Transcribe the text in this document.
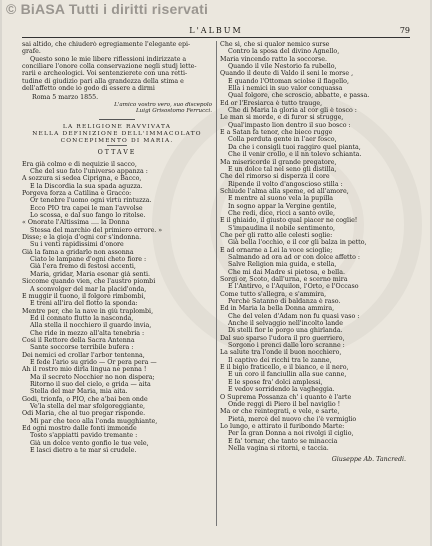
© BiASA Tutti i diritti riservati
L'ALBUM	79

sai altido, che chiuderò egregiamente l'elegante epi-

grafe.

Questo sono le mie libere riflessioni indirizzate a

conciliare l'onore colla conservazione negli studj lette-

rarii e archeologici. Voi sentenzierete con una retti-

tudine di giudizio pari alla grandezza della stima e

dell'affetto onde io godo di essere a dirmi

Roma 5 marzo 1855.

L'amico vostro vero, suo discepolo

Luigi Grisostomo Ferrucci.

LA RELIGIONE RAVVIVATA

NELLA DEFINIZIONE DELL'IMMACOLATO

CONCEPIMENTO DI MARIA.

OTTAVE

Era già colmo e di nequizie il sacco,

Che del suo fato l'universo appanza :

A sozzura si sedea Ciprigna, e Bacco,

E la Discordia la sua spada aguzza.

Porgeva forza a Catilina e Gracco:

Or tenebre l'uomo ogni virtù rintuzza.

Ecco PIO tra capei le man l'avvolse

Lo scossa, e dal suo fango lo ritolse.

« Onorate l'Altissima .... la Donna

Stessa del marchio del primiero errore. »

Disse; e la gioja d'ogni cor s'indonna.

Su i venti rapidissimi d'onore

Già la fama a gridarlo non assonna

Ciato le lampane d'ogni cheto fiore :

Già l'era fremo di festosi accenti,

Maria, gridar, Maria esonar già senti.

Siccome quando vien, che l'austro piombi

A sconvolger del mar la placid'onda,

E muggir il tuono, il folgore rimbombi,

E treni all'ira del flotto la sponda:

Mentre per, che la nave in giù traplombi,

Ed il connato flutto la nasconda,

Alla stella il nocchiero il guardo invia,

Che ride in mezzo all'alta tenebria :

Così il Rettore della Sacra Antenna

Sante soccorse terribile bufera :

Dei nemici ed crollar l'arbor tentenna,

E fede l'ario su grido — Or pera pera —

Ah il rostro mio dirla lingua ne penna !

Ma il secreto Nocchier no non dispera;

Ritorno il suo del cielo, e grida — aita

Stella del mar Maria, mia aita.

Godi, trionfa, o PIO, che a'bai ben onde

Ve'la stella del mar sfolgoreggiante,

Odi Maria, che al tuo pregar risponde.

Mi par che teco alla l'onda mugghiante,

Ed ogni mostro dalle fonti immonde

Tosto s'appiatti pavido tremante :

Già un dolce vento gonfio le tue vele,

E lasci dietro a te mar sì crudele.

Che sì, che si qualor nemico surse

Contro la sposa del divino Agnello,

Maria vincendo ratto la soccorse.

Quando il vile Nestorio fa rubello,

Quando il deute di Valdo il seni le morse ,

E quando l'Ottoman sciolse il flagello,

Ella i nemici in suo valor conquassa

Qual folgore, che scroscio, abbatte, e passa.

Ed or l'Eresiarca è tutto trauge,

Che di Maria la gloria al cor gli è tosco :

Le man si morde, e di furor si strugge,

Qual'impasto lion dentro il suo bosco :

E a Satan fa tenor, che bieco rugge

Colla perduta gente in l'aer fosco,

Da che i consigli tuoi raggiro quel pianta,

Che il venir crollo, e il nn tolevo schianta.

Ma misericorde il grande pregatore,

E un dolce tal nel seno gli distilla,

Che del rimorso si disperza il core

Ripende il volto d'angoscioso stilla :

Schiude l'alma alla speme, ed all'amore,

E mentre al suono vela la pupilla

In sogno appar la Vergine gentile,

Che redi, dice, ricci a santo ovile,

E il ghiaido, il giusto qual piacer ne coglie!

S'impaudina il nobile sentimento,

Che per gli ratto alle celesti soglie:

Già bella l'occhio, e il cor gli balza in petto,

E ad ornarne a Lei la voce scioglie;

Salmando ad ora ad or con dolce affetto :

Salve Religion mia guida, e stella,

Che mi dai Madre sì pietosa, e bella.

Sorgi or, Scoto, dall'urna, e scerno mira

E l'Antirvo, e l'Aquilon, l'Orto, e l'Occaso

Come tutto s'allegra, e s'ammira,

Perchè Satanno di baldanza è raso.

Ed in Maria la bella Donna ammira,

Che del velen d'Adam non fu quasi vaso :

Anche il selvaggio nell'incolto lande

Di stelli fior le porgo una ghirlanda.

Dal suo sparso l'udora il pro guerriero,

Sorgono i prenci dalle loro scranne :

La salute tra l'onde il buon nocchiero,

Il captivo dei ricchi tra le zanne,

E il bigio fraticello, e il bianco, e il nero,

E un coro il fanciullin alla sue canne,

E le spose fra' dolci amplessi,

E vedov sorridendo la vagheggia.

O Suprema Possanza ch' i quanto è l'arte

Onde reggi di Piero il bel naviglio !

Ma or che reintegrati, e vele, e sarte,

Pietà, mercè del nuovo che i'è vermiglio

Lo lungo, e attirato il furibondo Marte:

Per la gran Donna a noi rivolgi il ciglio,

E fa' tornar, che tanto se minaccia

Nella vagina si ritorni, e taccia.

Giuseppe Ab. Tancredi.
